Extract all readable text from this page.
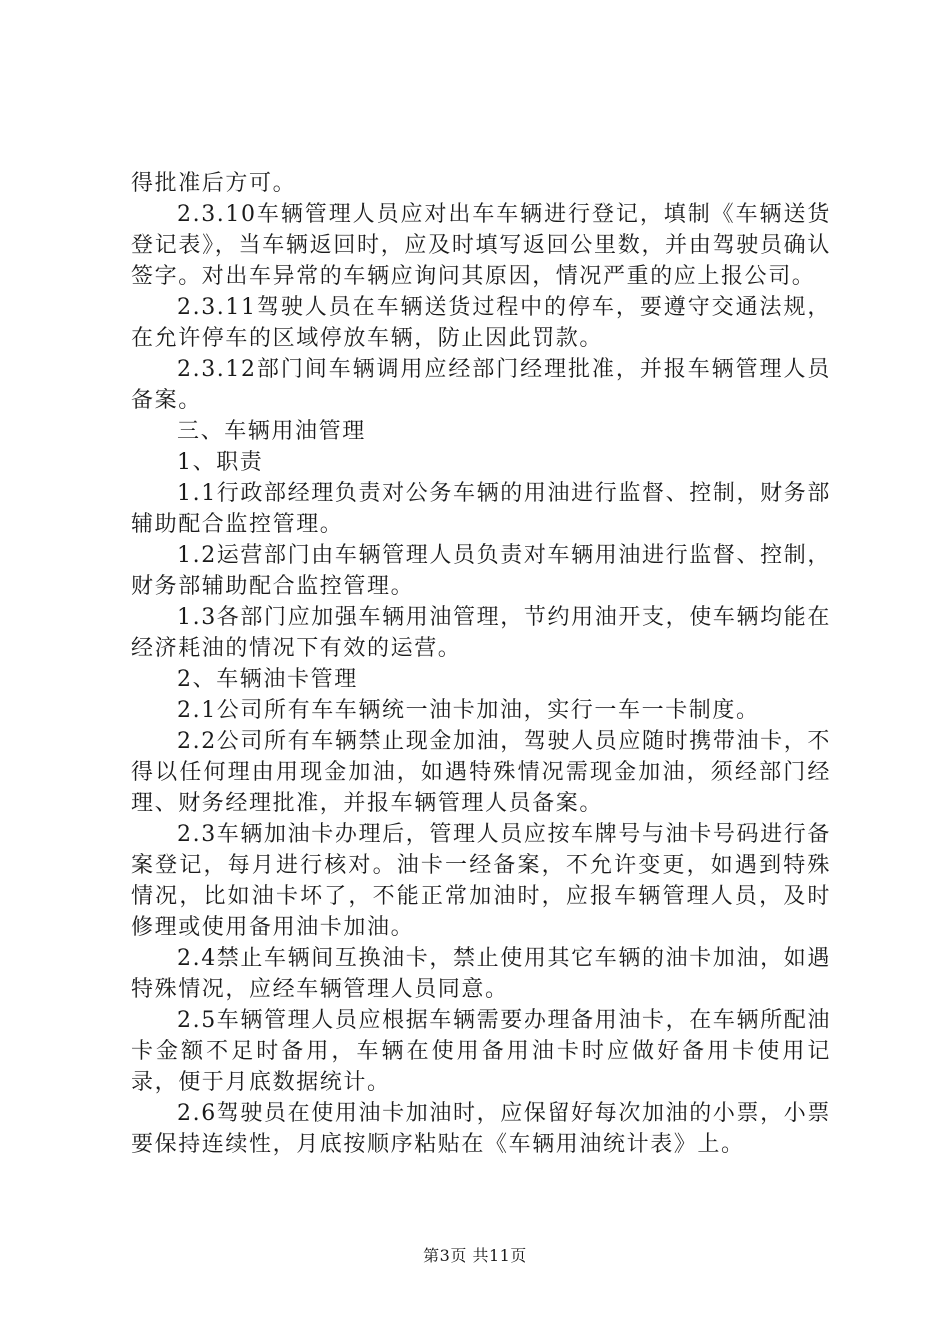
得批准后方可。

2.3.10车辆管理人员应对出车车辆进行登记，填制《车辆送货登记表》，当车辆返回时，应及时填写返回公里数，并由驾驶员确认签字。对出车异常的车辆应询问其原因，情况严重的应上报公司。

2.3.11驾驶人员在车辆送货过程中的停车，要遵守交通法规，在允许停车的区域停放车辆，防止因此罚款。

2.3.12部门间车辆调用应经部门经理批准，并报车辆管理人员备案。

三、车辆用油管理

1、职责

1.1行政部经理负责对公务车辆的用油进行监督、控制，财务部辅助配合监控管理。

1.2运营部门由车辆管理人员负责对车辆用油进行监督、控制，财务部辅助配合监控管理。

1.3各部门应加强车辆用油管理，节约用油开支，使车辆均能在经济耗油的情况下有效的运营。

2、车辆油卡管理

2.1公司所有车车辆统一油卡加油，实行一车一卡制度。

2.2公司所有车辆禁止现金加油，驾驶人员应随时携带油卡，不得以任何理由用现金加油，如遇特殊情况需现金加油，须经部门经理、财务经理批准，并报车辆管理人员备案。

2.3车辆加油卡办理后，管理人员应按车牌号与油卡号码进行备案登记，每月进行核对。油卡一经备案，不允许变更，如遇到特殊情况，比如油卡坏了，不能正常加油时，应报车辆管理人员，及时修理或使用备用油卡加油。

2.4禁止车辆间互换油卡，禁止使用其它车辆的油卡加油，如遇特殊情况，应经车辆管理人员同意。

2.5车辆管理人员应根据车辆需要办理备用油卡，在车辆所配油卡金额不足时备用，车辆在使用备用油卡时应做好备用卡使用记录，便于月底数据统计。

2.6驾驶员在使用油卡加油时，应保留好每次加油的小票，小票要保持连续性，月底按顺序粘贴在《车辆用油统计表》上。

第3页 共11页
